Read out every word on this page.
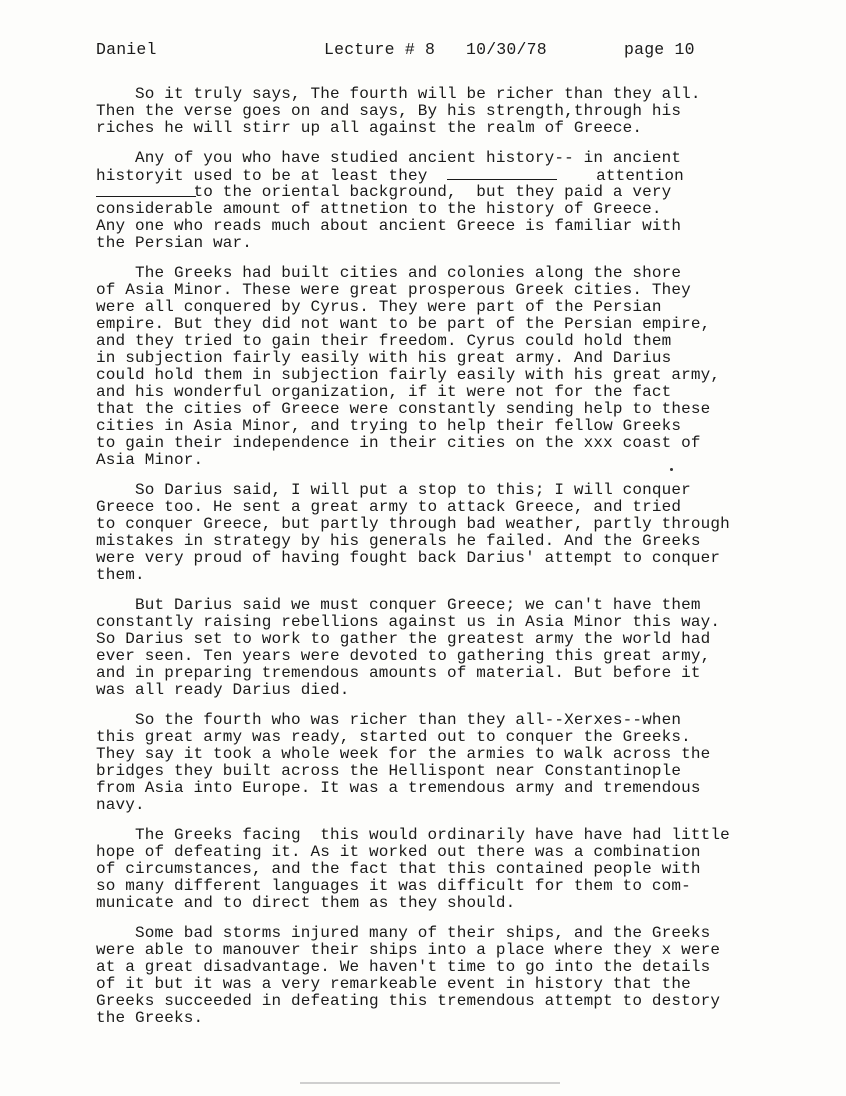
Daniel

	Lecture # 8

10/30/78

	page 10

So it truly says, The fourth will be richer than they all.
Then the verse goes on and says, By his strength,through his
riches he will stirr up all against the realm of Greece.
Any of you who have studied ancient history-- in ancient
historyit used to be at least they	attention
to the oriental background,  but they paid a very
considerable amount of attnetion to the history of Greece.
Any one who reads much about ancient Greece is familiar with
the Persian war.
The Greeks had built cities and colonies along the shore
of Asia Minor. These were great prosperous Greek cities. They
were all conquered by Cyrus. They were part of the Persian
empire. But they did not want to be part of the Persian empire,
and they tried to gain their freedom. Cyrus could hold them
in subjection fairly easily with his great army. And Darius
could hold them in subjection fairly easily with his great army,
and his wonderful organization, if it were not for the fact
that the cities of Greece were constantly sending help to these
cities in Asia Minor, and trying to help their fellow Greeks
to gain their independence in their cities on the xxx coast of
Asia Minor.
So Darius said, I will put a stop to this; I will conquer
Greece too. He sent a great army to attack Greece, and tried
to conquer Greece, but partly through bad weather, partly through
mistakes in strategy by his generals he failed. And the Greeks
were very proud of having fought back Darius' attempt to conquer
them.
But Darius said we must conquer Greece; we can't have them
constantly raising rebellions against us in Asia Minor this way.
So Darius set to work to gather the greatest army the world had
ever seen. Ten years were devoted to gathering this great army,
and in preparing tremendous amounts of material. But before it
was all ready Darius died.
So the fourth who was richer than they all--Xerxes--when
this great army was ready, started out to conquer the Greeks.
They say it took a whole week for the armies to walk across the
bridges they built across the Hellispont near Constantinople
from Asia into Europe. It was a tremendous army and tremendous
navy.
The Greeks facing  this would ordinarily have have had little
hope of defeating it. As it worked out there was a combination
of circumstances, and the fact that this contained people with
so many different languages it was difficult for them to com-
municate and to direct them as they should.
Some bad storms injured many of their ships, and the Greeks
were able to manouver their ships into a place where they x were
at a great disadvantage. We haven't time to go into the details
of it but it was a very remarkeable event in history that the
Greeks succeeded in defeating this tremendous attempt to destory
the Greeks.
